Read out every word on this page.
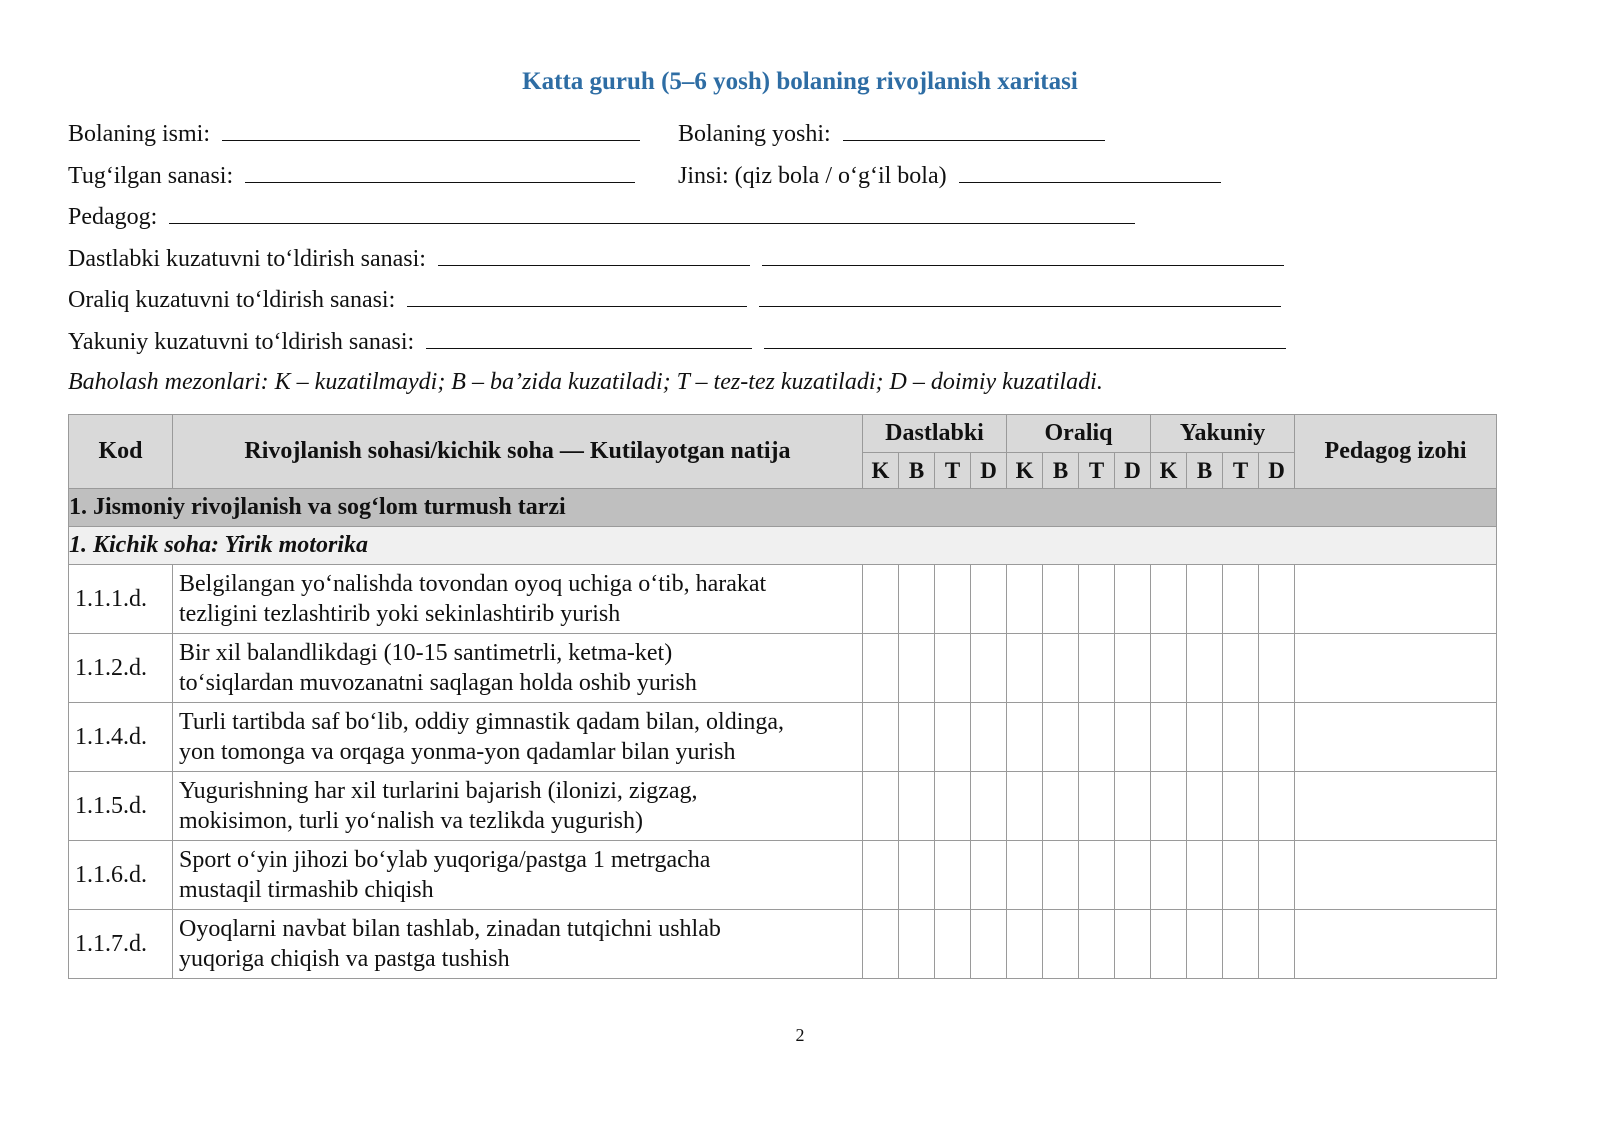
Katta guruh (5–6 yosh) bolaning rivojlanish xaritasi
Bolaning ismi:	Bolaning yoshi:
Tug‘ilgan sanasi:	Jinsi: (qiz bola / o‘g‘il bola)
Pedagog:
Dastlabki kuzatuvni to‘ldirish sanasi:
Oraliq kuzatuvni to‘ldirish sanasi:
Yakuniy kuzatuvni to‘ldirish sanasi:
Baholash mezonlari: K – kuzatilmaydi; B – ba’zida kuzatiladi; T – tez-tez kuzatiladi; D – doimiy kuzatiladi.
Kod	Rivojlanish sohasi/kichik soha — Kutilayotgan natija	Dastlabki				Oraliq				Yakuniy				Pedagog izohi
		K	B	T	D	K	B	T	D	K	B	T	D	
1. Jismoniy rivojlanish va sog‘lom turmush tarzi														
1. Kichik soha: Yirik motorika														
1.1.1.d.	Belgilangan yo‘nalishda tovondan oyoq uchiga o‘tib, harakat
tezligini tezlashtirib yoki sekinlashtirib yurish													

1.1.2.d.	Bir xil balandlikdagi (10-15 santimetrli, ketma-ket)
to‘siqlardan muvozanatni saqlagan holda oshib yurish													

1.1.4.d.	Turli tartibda saf bo‘lib, oddiy gimnastik qadam bilan, oldinga,
yon tomonga va orqaga yonma-yon qadamlar bilan yurish													

1.1.5.d.	Yugurishning har xil turlarini bajarish (ilonizi, zigzag,
mokisimon, turli yo‘nalish va tezlikda yugurish)													

1.1.6.d.	Sport o‘yin jihozi bo‘ylab yuqoriga/pastga 1 metrgacha
mustaqil tirmashib chiqish													

1.1.7.d.	Oyoqlarni navbat bilan tashlab, zinadan tutqichni ushlab
yuqoriga chiqish va pastga tushish													

2
